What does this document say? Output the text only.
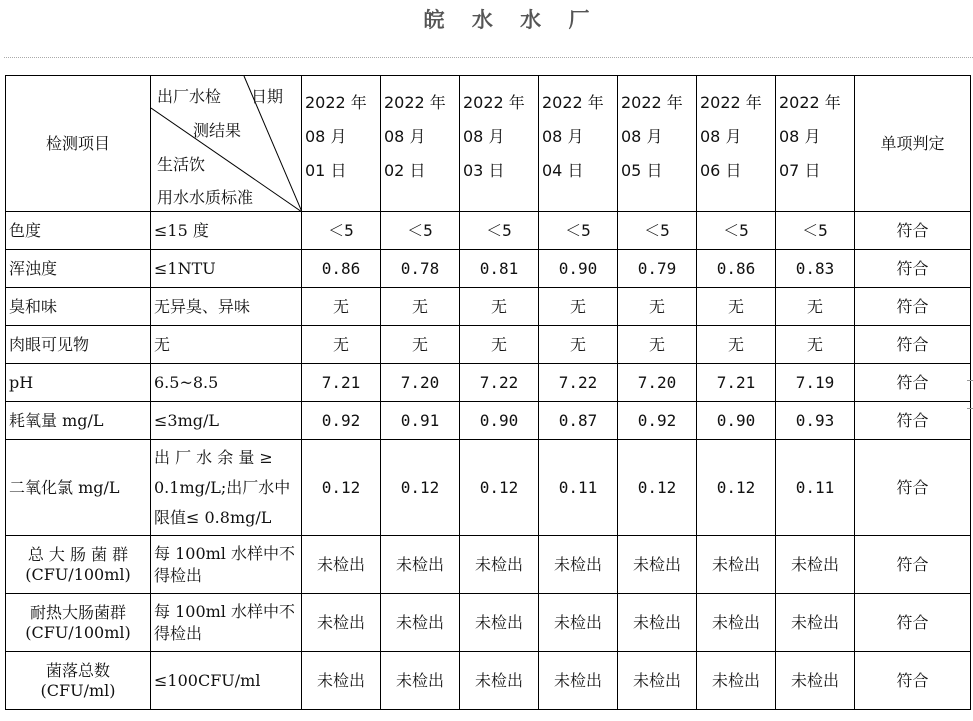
皖 水 水 厂
检测项目	出厂水检 日期
测结果
生活饮
用水水质标准	2022 年
08 月
01 日	2022 年
08 月
02 日	2022 年
08 月
03 日	2022 年
08 月
04 日	2022 年
08 月
05 日	2022 年
08 月
06 日	2022 年
08 月
07 日	单项判定
色度	≤15 度	＜5	＜5	＜5	＜5	＜5	＜5	＜5	符合
浑浊度	≤1NTU	0.86	0.78	0.81	0.90	0.79	0.86	0.83	符合
臭和味	无异臭、异味	无	无	无	无	无	无	无	符合
肉眼可见物	无	无	无	无	无	无	无	无	符合
pH	6.5~8.5	7.21	7.20	7.22	7.22	7.20	7.21	7.19	符合
耗氧量 mg/L	≤3mg/L	0.92	0.91	0.90	0.87	0.92	0.90	0.93	符合
二氧化氯 mg/L	出 厂 水 余 量 ≥
0.1mg/L;出厂水中
限值≤ 0.8mg/L	0.12	0.12	0.12	0.11	0.12	0.12	0.11	符合
总 大 肠 菌 群
(CFU/100ml)	每 100ml 水样中不
得检出	未检出	未检出	未检出	未检出	未检出	未检出	未检出	符合
耐热大肠菌群
(CFU/100ml)	每 100ml 水样中不
得检出	未检出	未检出	未检出	未检出	未检出	未检出	未检出	符合
菌落总数
(CFU/ml)	≤100CFU/ml	未检出	未检出	未检出	未检出	未检出	未检出	未检出	符合
